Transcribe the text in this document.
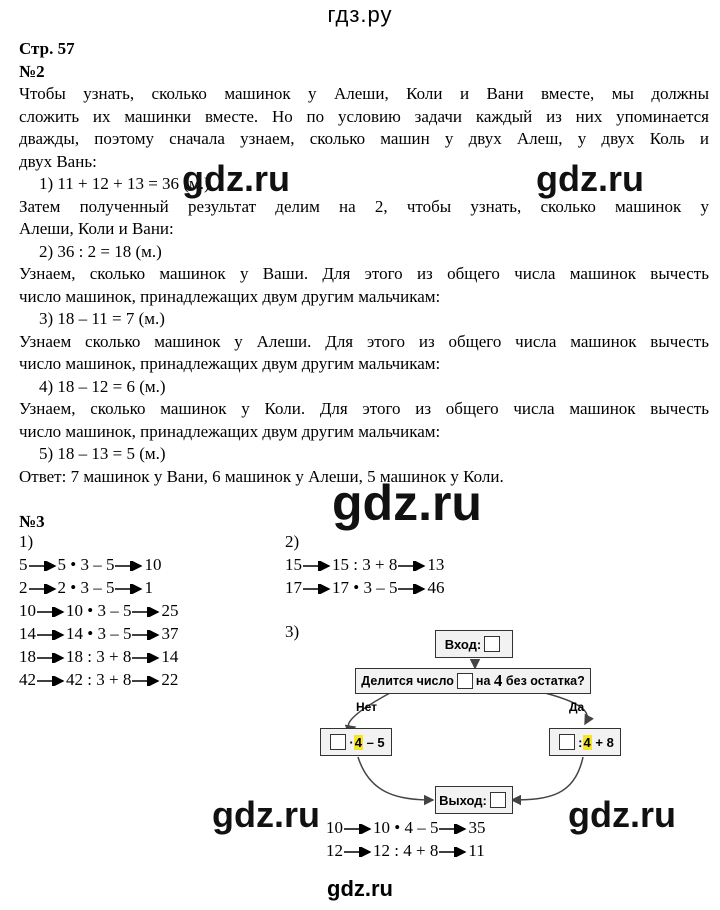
гдз.ру
Стр. 57
№2
Чтобы узнать, сколько машинок у Алеши, Коли и Вани вместе, мы должны
сложить их машинки вместе. Но по условию задачи каждый из них упоминается
дважды, поэтому сначала узнаем, сколько машин у двух Алеш, у двух Коль и
двух Вань:
1) 11 + 12 + 13 = 36 (м.)
Затем полученный результат делим на 2, чтобы узнать, сколько машинок у
Алеши, Коли и Вани:
2) 36 : 2 = 18 (м.)
Узнаем, сколько машинок у Ваши. Для этого из общего числа машинок вычесть
число машинок, принадлежащих двум другим мальчикам:
3) 18 – 11 = 7 (м.)
Узнаем сколько машинок у Алеши. Для этого из общего числа машинок вычесть
число машинок, принадлежащих двум другим мальчикам:
4) 18 – 12 = 6 (м.)
Узнаем, сколько машинок у Коли. Для этого из общего числа машинок вычесть
число машинок, принадлежащих двум другим мальчикам:
5) 18 – 13 = 5 (м.)
Ответ: 7 машинок у Вани, 6 машинок у Алеши, 5 машинок у Коли.
№3
1)
5 5 • 3 – 5 10
2 2 • 3 – 5 1
10 10 • 3 – 5 25
14 14 • 3 – 5 37
18 18 : 3 + 8 14
42 42 : 3 + 8 22
2)
15 15 : 3 + 8 13
17 17 • 3 – 5 46
3)
Вход:
Делится число на
4
без остатка?
Нет	Да
· 4
– 5	: 4
+ 8
Выход:
10 10 • 4 – 5 35
12 12 : 4 + 8 11
gdz.ru	gdz.ru
gdz.ru
gdz.ru	gdz.ru
gdz.ru
